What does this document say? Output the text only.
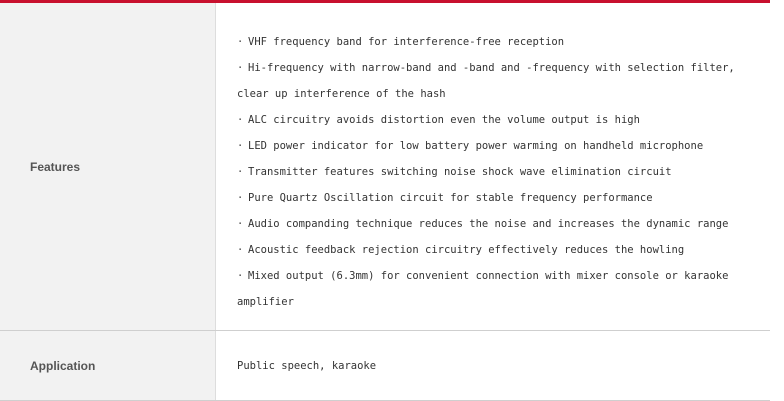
Features
· VHF frequency band for interference-free reception
· Hi-frequency with narrow-band and -band and -frequency with selection filter, clear up interference of the hash
· ALC circuitry avoids distortion even the volume output is high
· LED power indicator for low battery power warming on handheld microphone
· Transmitter features switching noise shock wave elimination circuit
· Pure Quartz Oscillation circuit for stable frequency performance
· Audio companding technique reduces the noise and increases the dynamic range
· Acoustic feedback rejection circuitry effectively reduces the howling
· Mixed output (6.3mm) for convenient connection with mixer console or karaoke amplifier
Application	Public speech, karaoke
